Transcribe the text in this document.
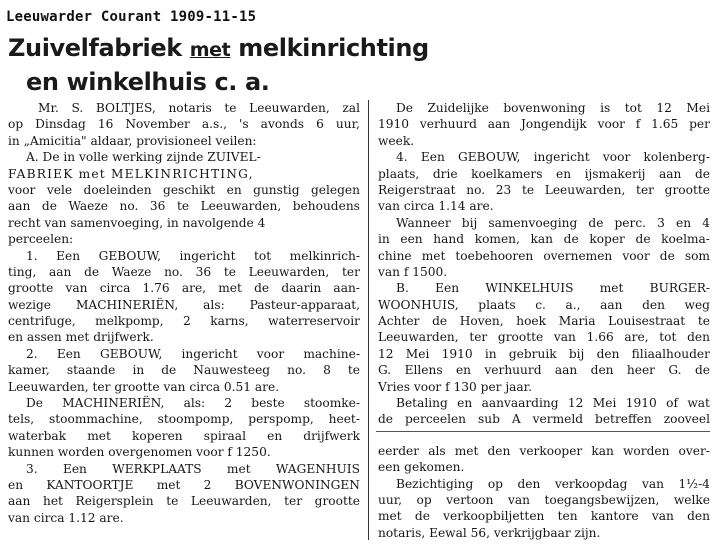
Leeuwarder Courant 1909-11-15
Zuivelfabriek met melkinrichting
en winkelhuis c. a.
Mr. S. BOLTJES, notaris te Leeuwarden, zal
op Dinsdag 16 November a.s., 's avonds 6 uur,
in „Amicitia" aldaar, provisioneel veilen:
A. De in volle werking zijnde ZUIVEL-
FABRIEK met MELKINRICHTING,
voor vele doeleinden geschikt en gunstig gelegen
aan de Waeze no. 36 te Leeuwarden, behoudens
recht van samenvoeging, in navolgende 4
perceelen:
1. Een GEBOUW, ingericht tot melkinrich-
ting, aan de Waeze no. 36 te Leeuwarden, ter
grootte van circa 1.76 are, met de daarin aan-
wezige MACHINERIËN, als: Pasteur-apparaat,
centrifuge, melkpomp, 2 karns, waterreservoir
en assen met drijfwerk.
2. Een GEBOUW, ingericht voor machine-
kamer, staande in de Nauwesteeg no. 8 te
Leeuwarden, ter grootte van circa 0.51 are.
De MACHINERIËN, als: 2 beste stoomke-
tels, stoommachine, stoompomp, perspomp, heet-
waterbak met koperen spiraal en drijfwerk
kunnen worden overgenomen voor f 1250.
3. Een WERKPLAATS met WAGENHUIS
en KANTOORTJE met 2 BOVENWONINGEN
aan het Reigersplein te Leeuwarden, ter grootte
van circa 1.12 are.
De Zuidelijke bovenwoning is tot 12 Mei
1910 verhuurd aan Jongendijk voor f 1.65 per
week.
4. Een GEBOUW, ingericht voor kolenberg-
plaats, drie koelkamers en ijsmakerij aan de
Reigerstraat no. 23 te Leeuwarden, ter grootte
van circa 1.14 are.
Wanneer bij samenvoeging de perc. 3 en 4
in een hand komen, kan de koper de koelma-
chine met toebehooren overnemen voor de som
van f 1500.
B. Een WINKELHUIS met BURGER-
WOONHUIS, plaats c. a., aan den weg
Achter de Hoven, hoek Maria Louisestraat te
Leeuwarden, ter grootte van 1.66 are, tot den
12 Mei 1910 in gebruik bij den filiaalhouder
G. Ellens en verhuurd aan den heer G. de
Vries voor f 130 per jaar.
Betaling en aanvaarding 12 Mei 1910 of wat
de perceelen sub A vermeld betreffen zooveel
eerder als met den verkooper kan worden over-
een gekomen.
Bezichtiging op den verkoopdag van 1½-4
uur, op vertoon van toegangsbewijzen, welke
met de verkoopbiljetten ten kantore van den
notaris, Eewal 56, verkrijgbaar zijn.
